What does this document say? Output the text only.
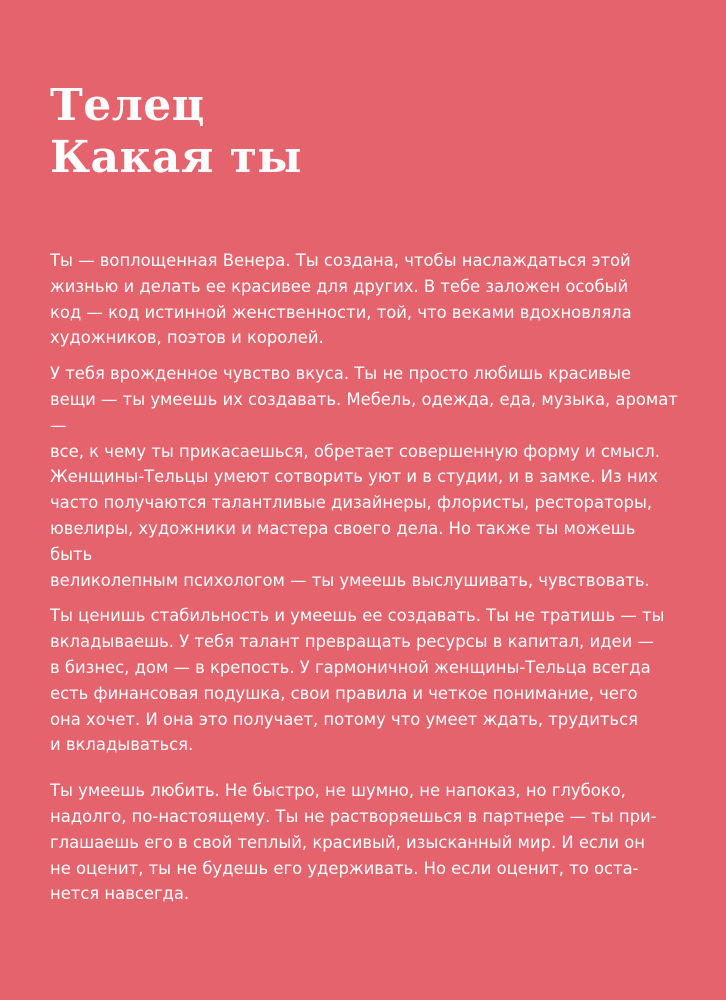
Телец
Какая ты

Ты — воплощенная Венера. Ты создана, чтобы наслаждаться этой
жизнью и делать ее красивее для других. В тебе заложен особый
код — код истинной женственности, той, что веками вдохновляла
художников, поэтов и королей.

У тебя врожденное чувство вкуса. Ты не просто любишь красивые
вещи — ты умеешь их создавать. Мебель, одежда, еда, музыка, аромат —
все, к чему ты прикасаешься, обретает совершенную форму и смысл.
Женщины-Тельцы умеют сотворить уют и в студии, и в замке. Из них
часто получаются талантливые дизайнеры, флористы, рестораторы,
ювелиры, художники и мастера своего дела. Но также ты можешь быть
великолепным психологом — ты умеешь выслушивать, чувствовать.

Ты ценишь стабильность и умеешь ее создавать. Ты не тратишь — ты
вкладываешь. У тебя талант превращать ресурсы в капитал, идеи —
в бизнес, дом — в крепость. У гармоничной женщины-Тельца всегда
есть финансовая подушка, свои правила и четкое понимание, чего
она хочет. И она это получает, потому что умеет ждать, трудиться
и вкладываться.

Ты умеешь любить. Не быстро, не шумно, не напоказ, но глубоко,
надолго, по-настоящему. Ты не растворяешься в партнере — ты при-
глашаешь его в свой теплый, красивый, изысканный мир. И если он
не оценит, ты не будешь его удерживать. Но если оценит, то оста-
нется навсегда.
